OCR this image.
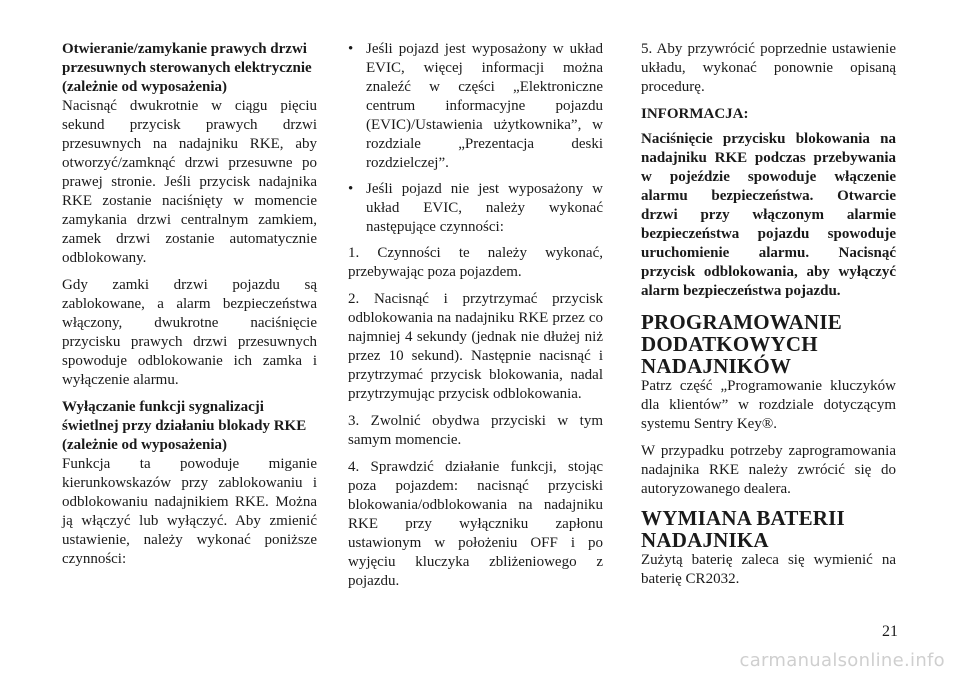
Otwieranie/zamykanie prawych drzwi przesuwnych sterowanych elektrycznie (zależnie od wyposażenia)

Nacisnąć dwukrotnie w ciągu pięciu sekund przycisk prawych drzwi przesuwnych na nadajniku RKE, aby otworzyć/zamknąć drzwi przesuwne po prawej stronie. Jeśli przycisk nadajnika RKE zostanie naciśnięty w momencie zamykania drzwi centralnym zamkiem, zamek drzwi zostanie automatycznie odblokowany.

Gdy zamki drzwi pojazdu są zablokowane, a alarm bezpieczeństwa włączony, dwukrotne naciśnięcie przycisku prawych drzwi przesuwnych spowoduje odblokowanie ich zamka i wyłączenie alarmu.

Wyłączanie funkcji sygnalizacji świetlnej przy działaniu blokady RKE (zależnie od wyposażenia)

Funkcja ta powoduje miganie kierunkowskazów przy zablokowaniu i odblokowaniu nadajnikiem RKE. Można ją włączyć lub wyłączyć. Aby zmienić ustawienie, należy wykonać poniższe czynności:

• Jeśli pojazd jest wyposażony w układ EVIC, więcej informacji można znaleźć w części „Elektroniczne centrum informacyjne pojazdu (EVIC)/Ustawienia użytkownika”, w rozdziale „Prezentacja deski rozdzielczej”.
• Jeśli pojazd nie jest wyposażony w układ EVIC, należy wykonać następujące czynności:

1. Czynności te należy wykonać, przebywając poza pojazdem.

2. Nacisnąć i przytrzymać przycisk odblokowania na nadajniku RKE przez co najmniej 4 sekundy (jednak nie dłużej niż przez 10 sekund). Następnie nacisnąć i przytrzymać przycisk blokowania, nadal przytrzymując przycisk odblokowania.

3. Zwolnić obydwa przyciski w tym samym momencie.

4. Sprawdzić działanie funkcji, stojąc poza pojazdem: nacisnąć przyciski blokowania/odblokowania na nadajniku RKE przy wyłączniku zapłonu ustawionym w położeniu OFF i po wyjęciu kluczyka zbliżeniowego z pojazdu.

5. Aby przywrócić poprzednie ustawienie układu, wykonać ponownie opisaną procedurę.

INFORMACJA:

Naciśnięcie przycisku blokowania na nadajniku RKE podczas przebywania w pojeździe spowoduje włączenie alarmu bezpieczeństwa. Otwarcie drzwi przy włączonym alarmie bezpieczeństwa pojazdu spowoduje uruchomienie alarmu. Nacisnąć przycisk odblokowania, aby wyłączyć alarm bezpieczeństwa pojazdu.

PROGRAMOWANIE DODATKOWYCH NADAJNIKÓW

Patrz część „Programowanie kluczyków dla klientów” w rozdziale dotyczącym systemu Sentry Key®.

W przypadku potrzeby zaprogramowania nadajnika RKE należy zwrócić się do autoryzowanego dealera.

WYMIANA BATERII NADAJNIKA

Zużytą baterię zaleca się wymienić na baterię CR2032.

21
carmanualsonline.info
